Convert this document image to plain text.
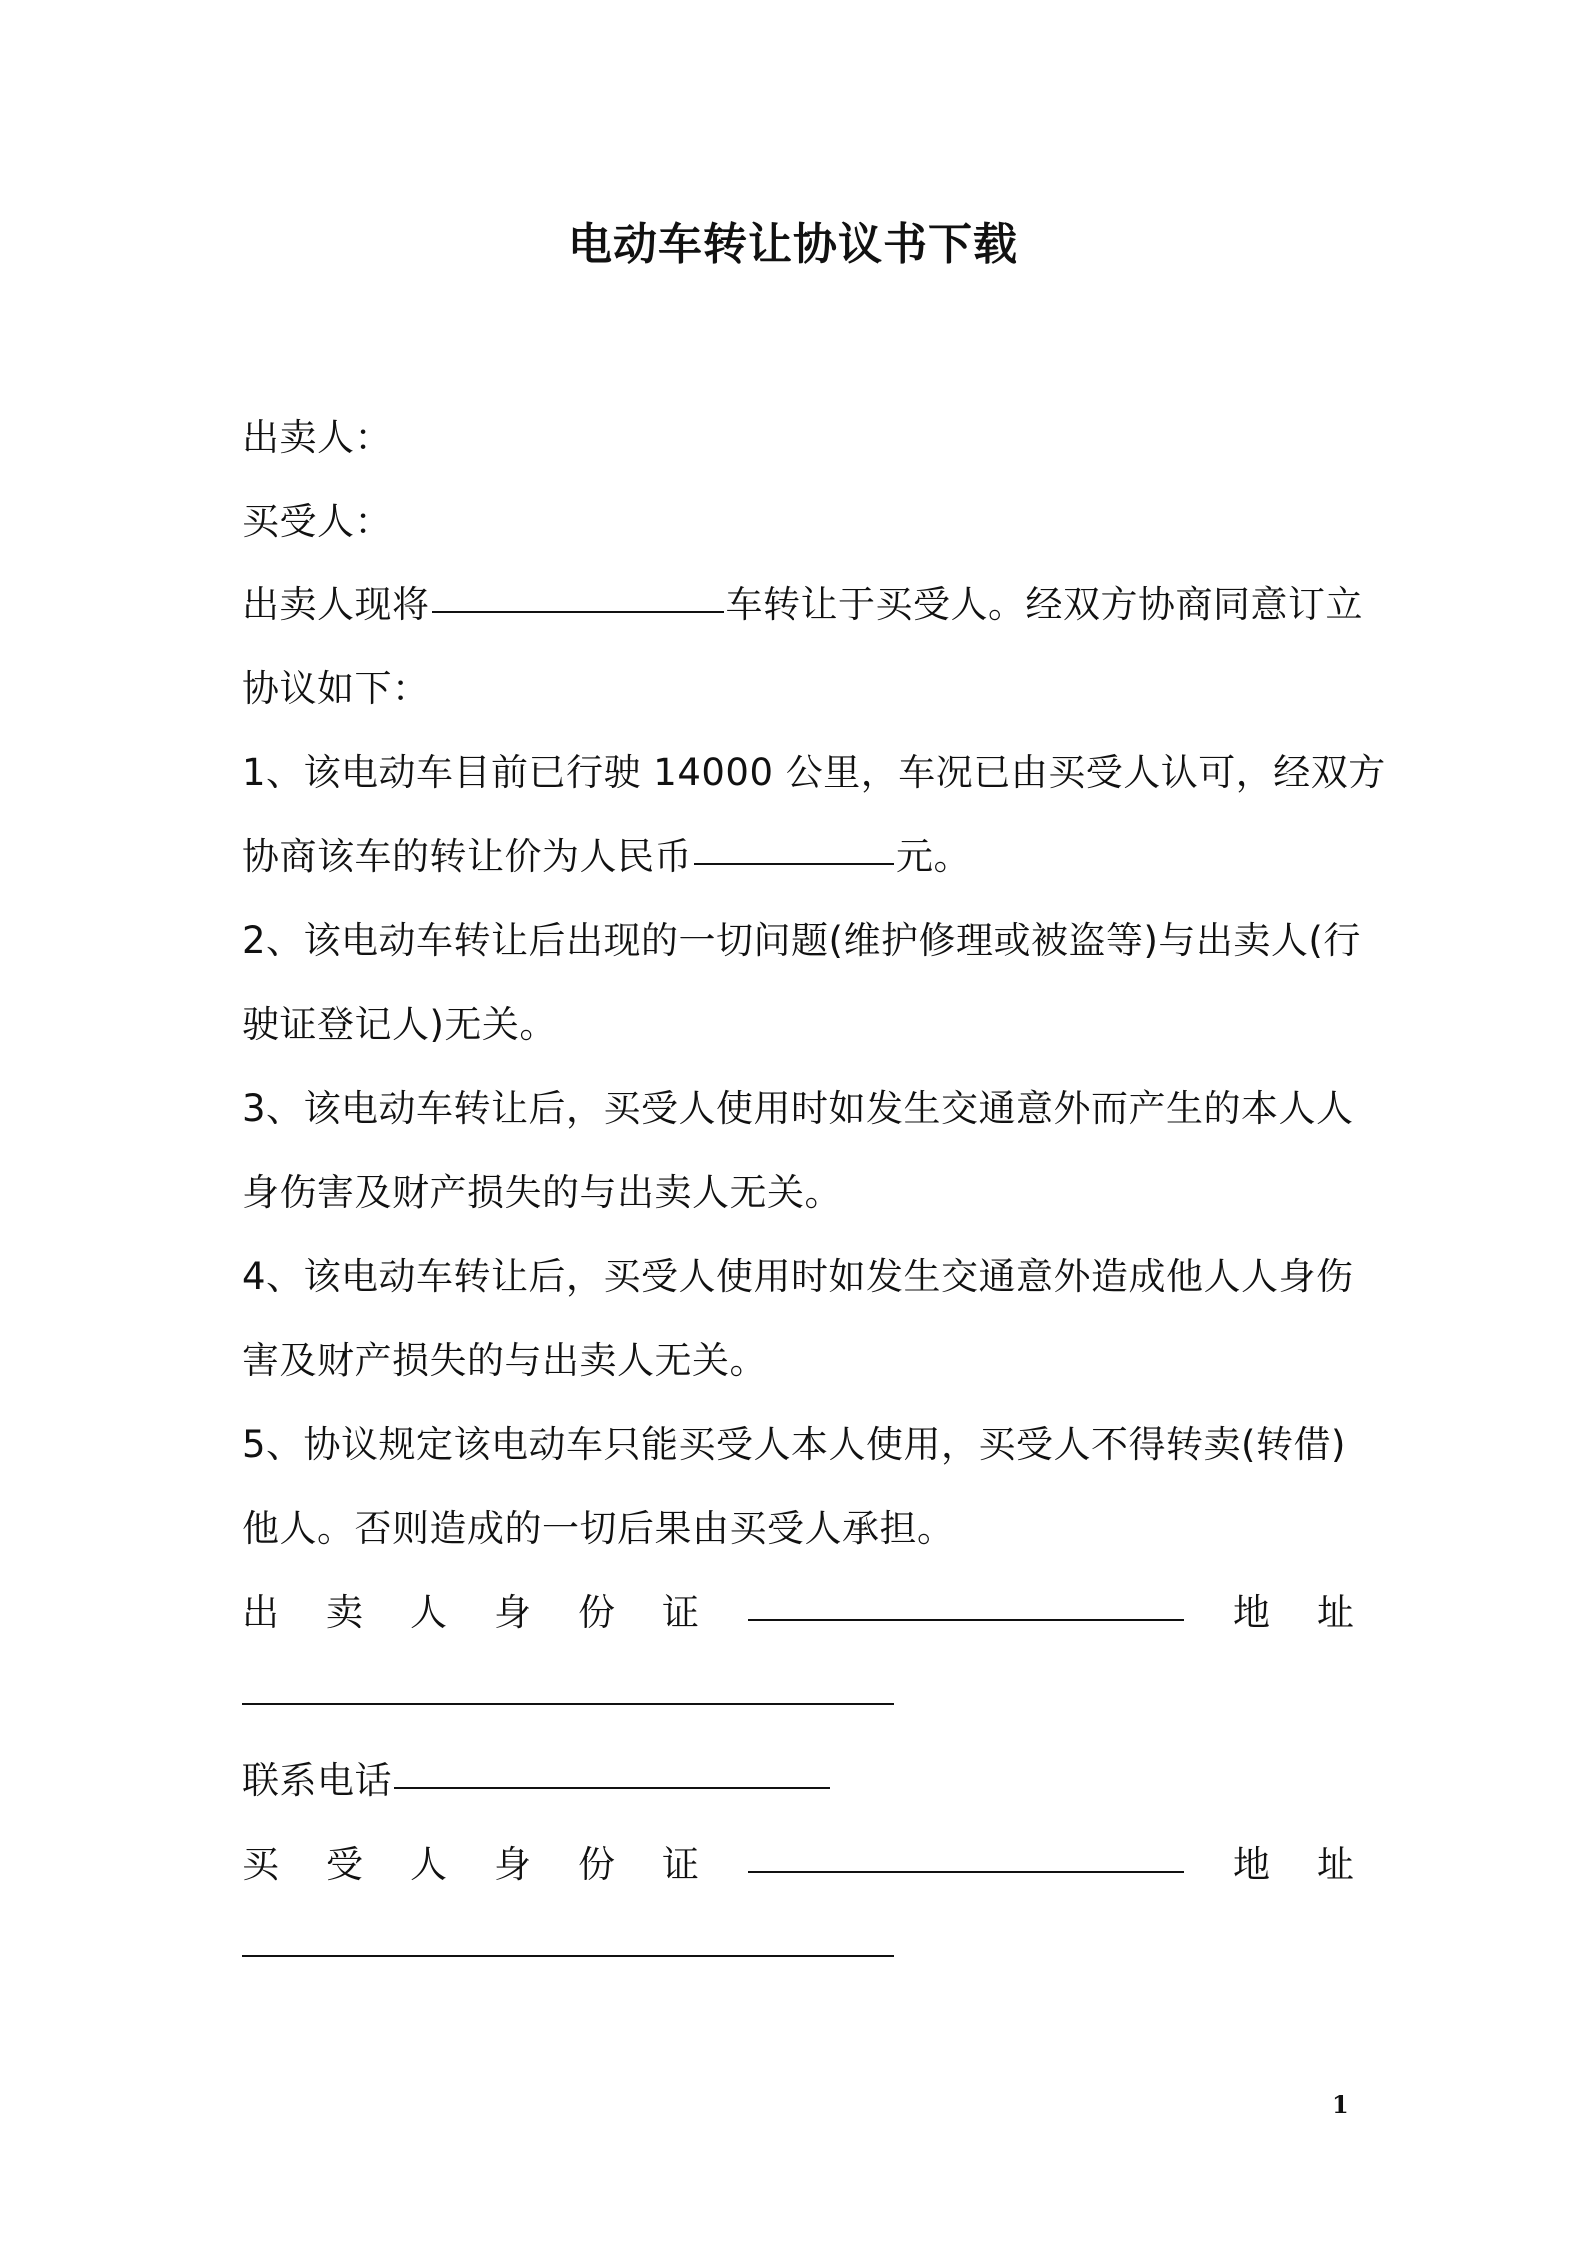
电动车转让协议书下载
出卖人：
买受人：
出卖人现将	车转让于买受人。经双方协商同意订立
协议如下：
1、该电动车目前已行驶 14000 公里，车况已由买受人认可，经双方
协商该车的转让价为人民币	元。
2、该电动车转让后出现的一切问题(维护修理或被盗等)与出卖人(行
驶证登记人)无关。
3、该电动车转让后，买受人使用时如发生交通意外而产生的本人人
身伤害及财产损失的与出卖人无关。
4、该电动车转让后，买受人使用时如发生交通意外造成他人人身伤
害及财产损失的与出卖人无关。
5、协议规定该电动车只能买受人本人使用，买受人不得转卖(转借)
他人。否则造成的一切后果由买受人承担。
出 卖 人 身 份 证	地 址
联系电话
买 受 人 身 份 证	地 址
1
